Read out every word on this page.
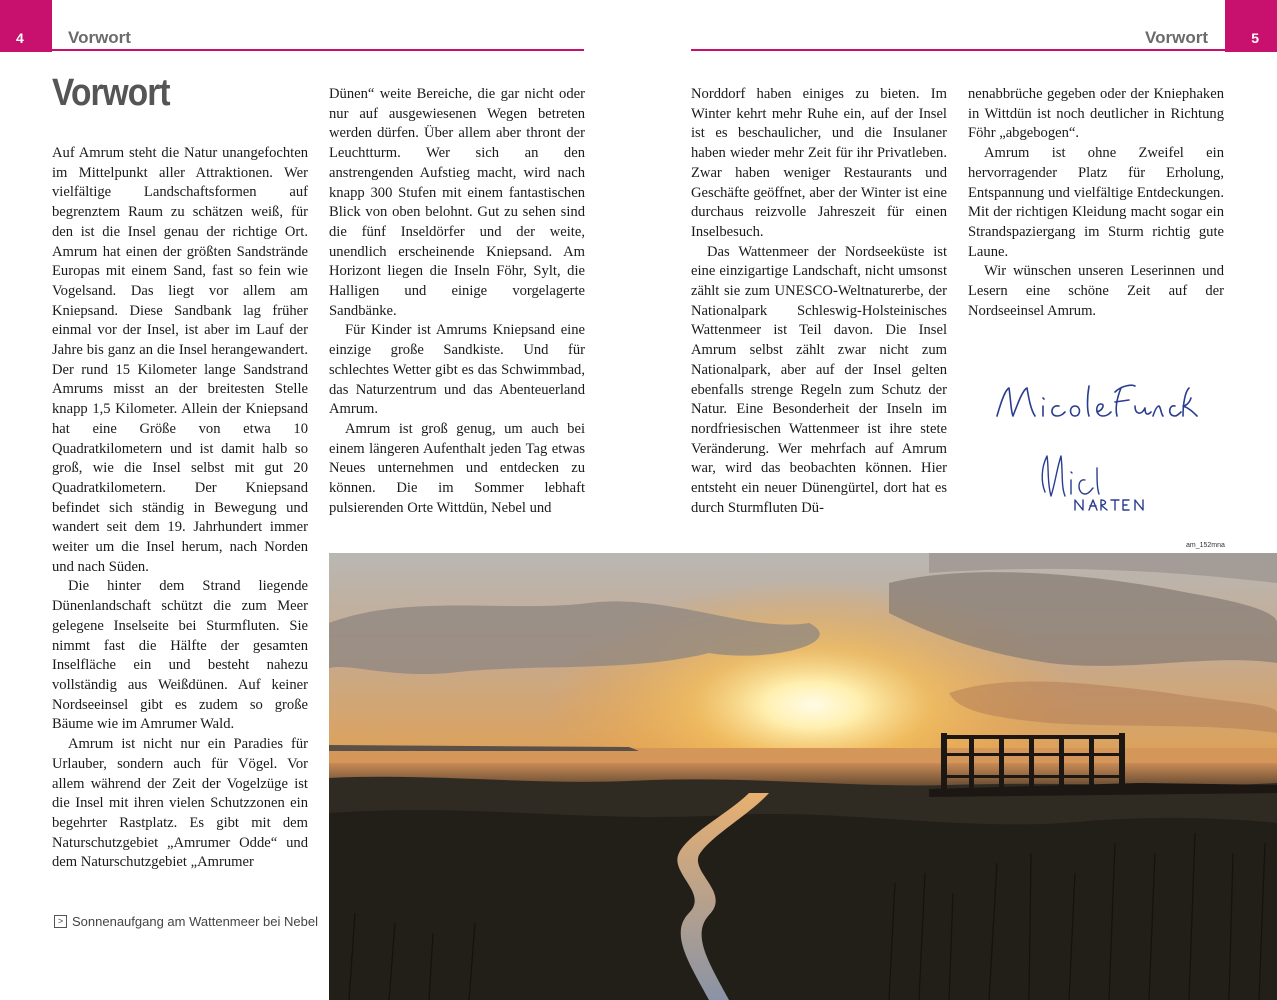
4	Vorwort	5
Vorwort
Vorwort

Auf Amrum steht die Natur unangefochten im Mittelpunkt aller Attraktionen. Wer vielfältige Landschaftsformen auf begrenztem Raum zu schätzen weiß, für den ist die Insel genau der richtige Ort. Amrum hat einen der größten Sandstrände Europas mit einem Sand, fast so fein wie Vogelsand. Das liegt vor allem am Kniepsand. Diese Sandbank lag früher einmal vor der Insel, ist aber im Lauf der Jahre bis ganz an die Insel herangewandert. Der rund 15 Kilometer lange Sandstrand Amrums misst an der breitesten Stelle knapp 1,5 Kilometer. Allein der Kniepsand hat eine Größe von etwa 10 Quadratkilometern und ist damit halb so groß, wie die Insel selbst mit gut 20 Quadratkilometern. Der Kniepsand befindet sich ständig in Bewegung und wandert seit dem 19. Jahrhundert immer weiter um die Insel herum, nach Norden und nach Süden.

Die hinter dem Strand liegende Dünenlandschaft schützt die zum Meer gelegene Inselseite bei Sturmfluten. Sie nimmt fast die Hälfte der gesamten Inselfläche ein und besteht nahezu vollständig aus Weißdünen. Auf keiner Nordseeinsel gibt es zudem so große Bäume wie im Amrumer Wald.

Amrum ist nicht nur ein Paradies für Urlauber, sondern auch für Vögel. Vor allem während der Zeit der Vogelzüge ist die Insel mit ihren vielen Schutzzonen ein begehrter Rastplatz. Es gibt mit dem Naturschutzgebiet „Amrumer Odde“ und dem Naturschutzgebiet „Amrumer

Dünen“ weite Bereiche, die gar nicht oder nur auf ausgewiesenen Wegen betreten werden dürfen. Über allem aber thront der Leuchtturm. Wer sich an den anstrengenden Aufstieg macht, wird nach knapp 300 Stufen mit einem fantastischen Blick von oben belohnt. Gut zu sehen sind die fünf Inseldörfer und der weite, unendlich erscheinende Kniepsand. Am Horizont liegen die Inseln Föhr, Sylt, die Halligen und einige vorgelagerte Sandbänke.

Für Kinder ist Amrums Kniepsand eine einzige große Sandkiste. Und für schlechtes Wetter gibt es das Schwimmbad, das Naturzentrum und das Abenteuerland Amrum.

Amrum ist groß genug, um auch bei einem längeren Aufenthalt jeden Tag etwas Neues unternehmen und entdecken zu können. Die im Sommer lebhaft pulsierenden Orte Wittdün, Nebel und

Norddorf haben einiges zu bieten. Im Winter kehrt mehr Ruhe ein, auf der Insel ist es beschaulicher, und die Insulaner haben wieder mehr Zeit für ihr Privatleben. Zwar haben weniger Restaurants und Geschäfte geöffnet, aber der Winter ist eine durchaus reizvolle Jahreszeit für einen Inselbesuch.

Das Wattenmeer der Nordseeküste ist eine einzigartige Landschaft, nicht umsonst zählt sie zum UNESCO-Weltnaturerbe, der Nationalpark Schleswig-Holsteinisches Wattenmeer ist Teil davon. Die Insel Amrum selbst zählt zwar nicht zum Nationalpark, aber auf der Insel gelten ebenfalls strenge Regeln zum Schutz der Natur. Eine Besonderheit der Inseln im nordfriesischen Wattenmeer ist ihre stete Veränderung. Wer mehrfach auf Amrum war, wird das beobachten können. Hier entsteht ein neuer Dünengürtel, dort hat es durch Sturmfluten Dü-

nenabbrüche gegeben oder der Kniephaken in Wittdün ist noch deutlicher in Richtung Föhr „abgebogen“.

Amrum ist ohne Zweifel ein hervorragender Platz für Erholung, Entspannung und vielfältige Entdeckungen. Mit der richtigen Kleidung macht sogar ein Strandspaziergang im Sturm richtig gute Laune.

Wir wünschen unseren Leserinnen und Lesern eine schöne Zeit auf der Nordseeinsel Amrum.

am_152mna
> Sonnenaufgang am Wattenmeer bei Nebel
